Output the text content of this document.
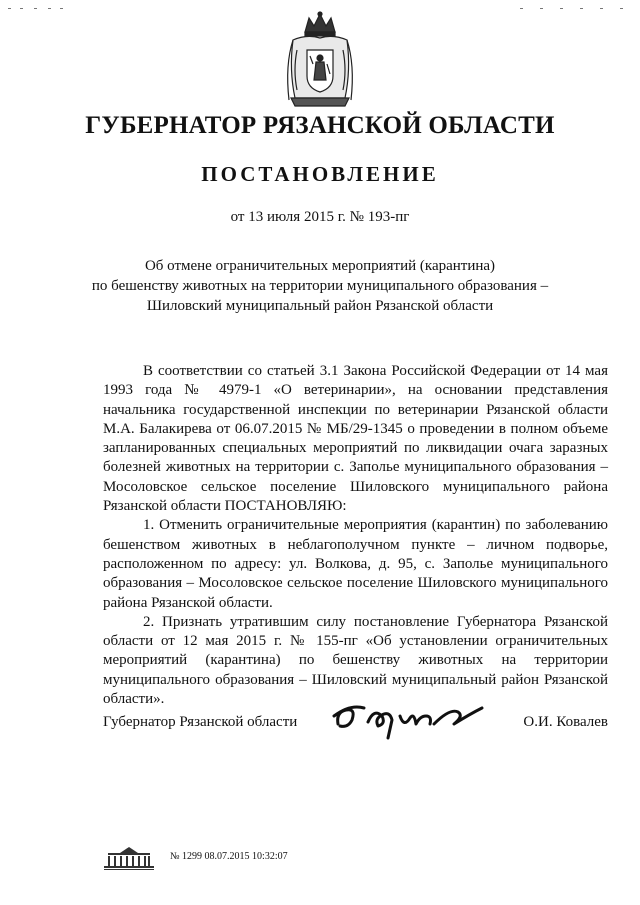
ГУБЕРНАТОР РЯЗАНСКОЙ ОБЛАСТИ
ПОСТАНОВЛЕНИЕ
от 13 июля 2015 г. № 193-пг
Об отмене ограничительных мероприятий (карантина)
по бешенству животных на территории муниципального образования –
Шиловский муниципальный район Рязанской области

В соответствии со статьей 3.1 Закона Российской Федерации от 14 мая 1993 года № 4979-1 «О ветеринарии», на основании представления начальника государственной инспекции по ветеринарии Рязанской области М.А. Балакирева от 06.07.2015 № МБ/29-1345 о проведении в полном объеме запланированных специальных мероприятий по ликвидации очага заразных болезней животных на территории с. Заполье муниципального образования – Мосоловское сельское поселение Шиловского муниципального района Рязанской области ПОСТАНОВЛЯЮ:

1. Отменить ограничительные мероприятия (карантин) по заболеванию бешенством животных в неблагополучном пункте – личном подворье, расположенном по адресу: ул. Волкова, д. 95, с. Заполье муниципального образования – Мосоловское сельское поселение Шиловского муниципального района Рязанской области.

2. Признать утратившим силу постановление Губернатора Рязанской области от 12 мая 2015 г. № 155-пг «Об установлении ограничительных мероприятий (карантина) по бешенству животных на территории муниципального образования – Шиловский муниципальный район Рязанской области».

Губернатор Рязанской области	О.И. Ковалев
№ 1299 08.07.2015 10:32:07
